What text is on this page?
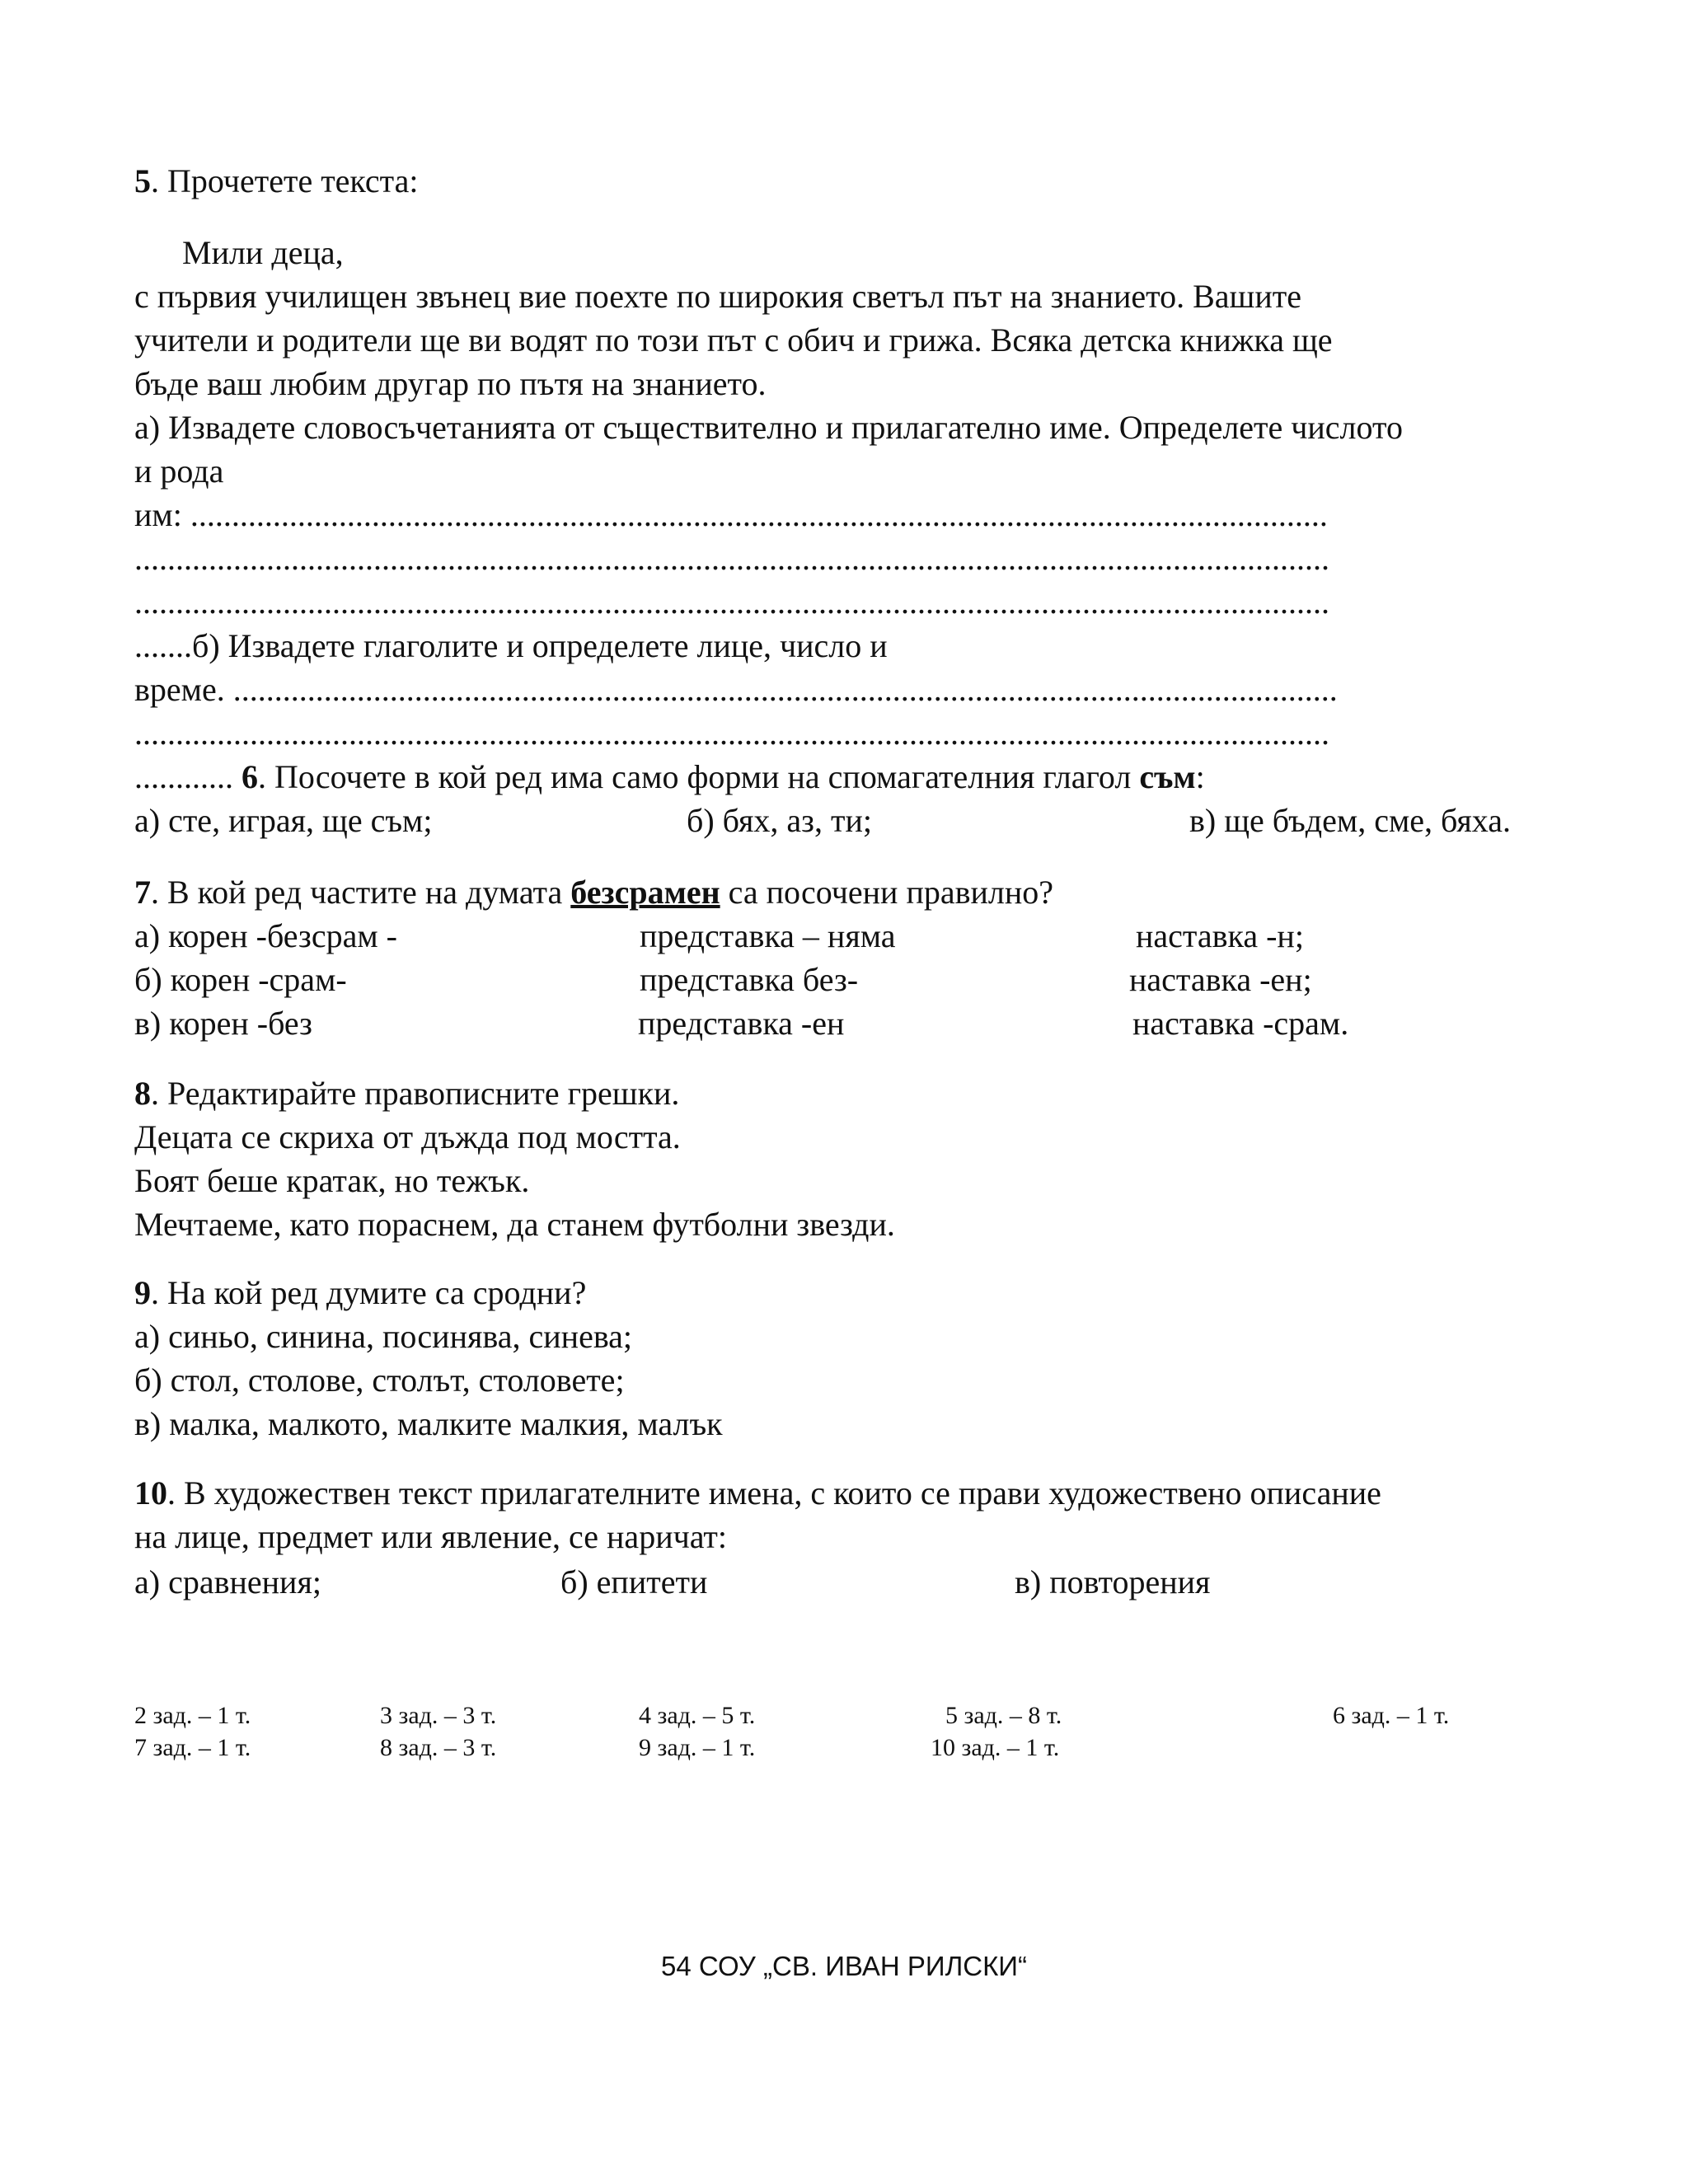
5. Прочетете текста:
Мили деца,
с първия училищен звънец вие поехте по широкия светъл път на знанието. Вашите
учители и родители ще ви водят по този път с обич и грижа. Всяка детска книжка ще
бъде ваш любим другар по пътя на знанието.
а) Извадете словосъчетанията от съществително и прилагателно име. Определете числото
и рода
им: ..........................................................................................................................................
.................................................................................................................................................
.................................................................................................................................................
.......б) Извадете глаголите и определете лице, число и
време. ......................................................................................................................................
.................................................................................................................................................
............ 6. Посочете в кой ред има само форми на спомагателния глагол съм:
а) сте, играя, ще съм;	б) бях, аз, ти;	в) ще бъдем, сме, бяха.
7. В кой ред частите на думата безсрамен са посочени правилно?
а) корен -безсрам -	представка – няма	наставка -н;
б) корен -срам-	представка без-	наставка -ен;
в) корен -без	представка -ен	наставка -срам.
8. Редактирайте правописните грешки.
Децата се скриха от дъжда под мостта.
Боят беше кратак, но тежък.
Мечтаеме, като пораснем, да станем футболни звезди.
9. На кой ред думите са сродни?
а) синьо, синина, посинява, синева;
б) стол, столове, столът, столовете;
в) малка, малкото, малките малкия, малък
10. В художествен текст прилагателните имена, с които се прави художествено описание
на лице, предмет или явление, се наричат:
а) сравнения;	б) епитети	в) повторения
2 зад. – 1 т.	3 зад. – 3 т.	4 зад. – 5 т.	5 зад. – 8 т.	6 зад. – 1 т.
7 зад. – 1 т.	8 зад. – 3 т.	9 зад. – 1 т.	10 зад. – 1 т.
54 СОУ „СВ. ИВАН РИЛСКИ“
